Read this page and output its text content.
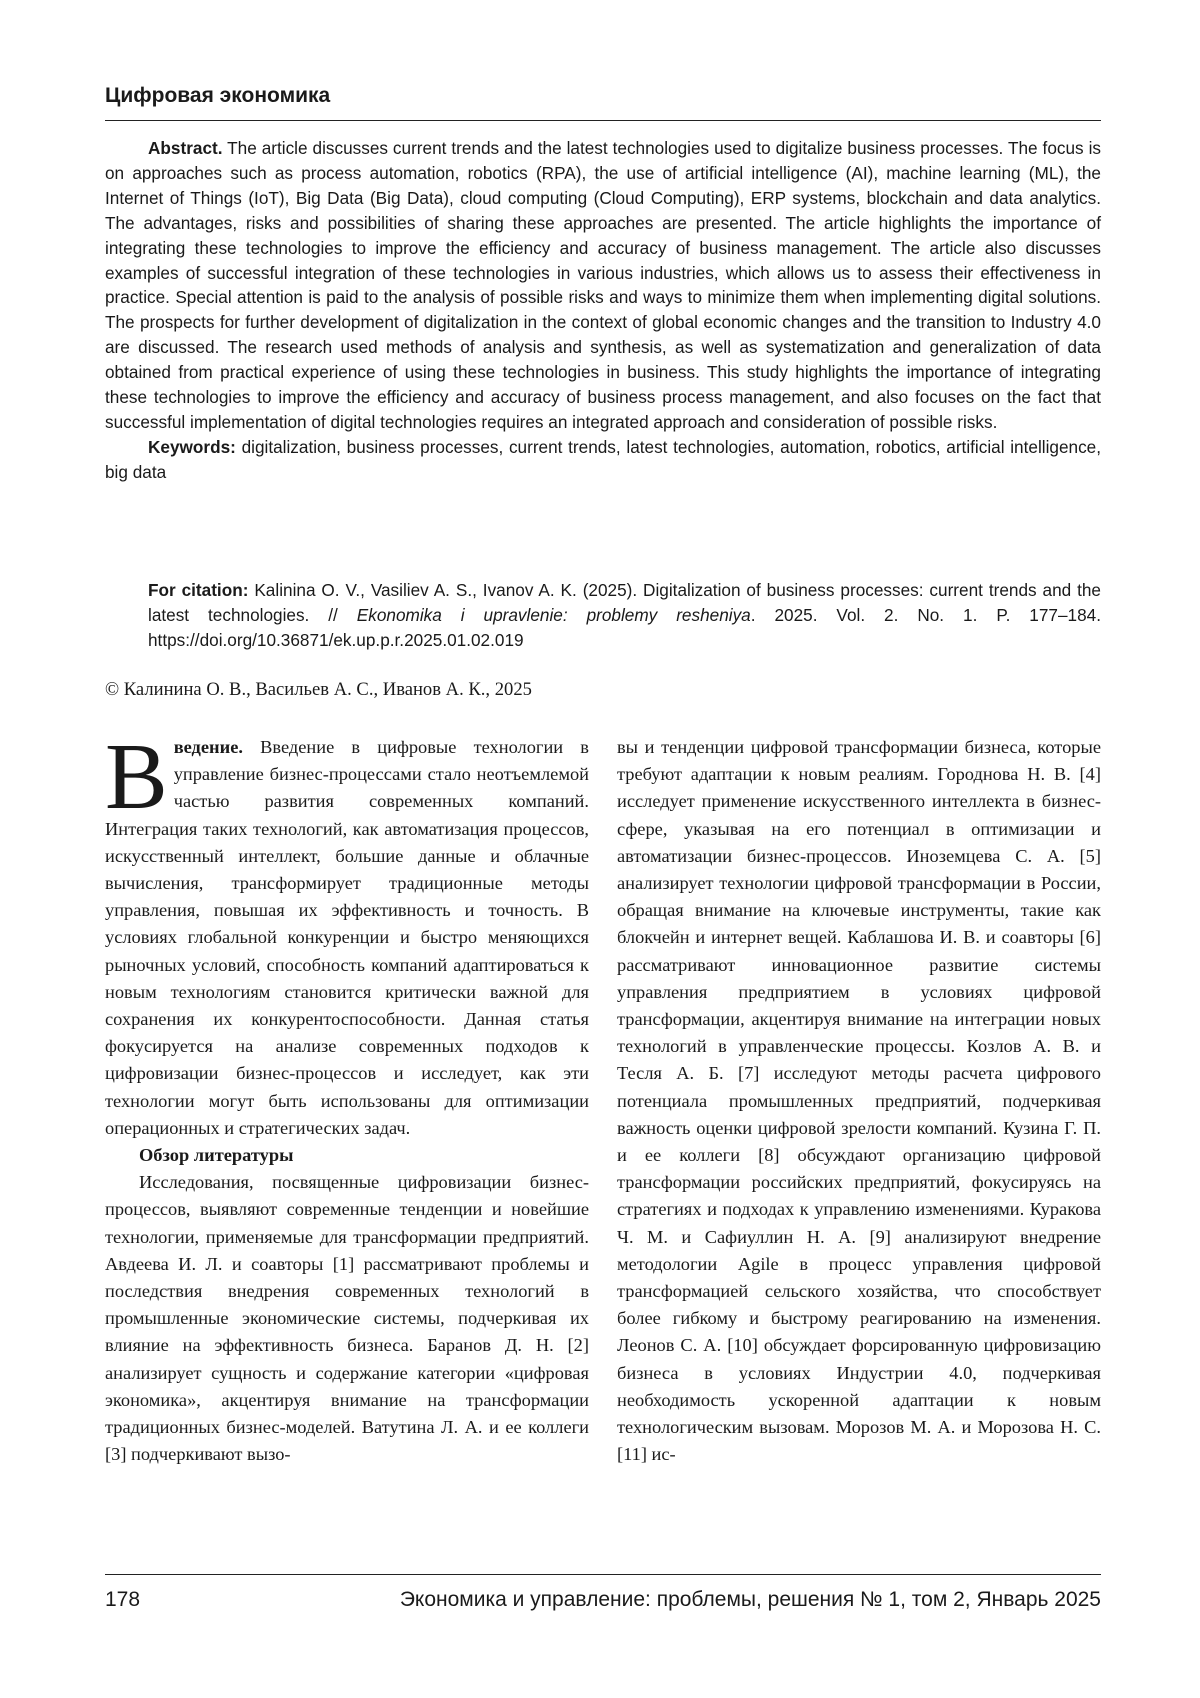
Цифровая экономика

Abstract. The article discusses current trends and the latest technologies used to digitalize business processes. The focus is on approaches such as process automation, robotics (RPA), the use of artificial intelligence (AI), machine learning (ML), the Internet of Things (IoT), Big Data (Big Data), cloud computing (Cloud Computing), ERP systems, blockchain and data analytics. The advantages, risks and possibilities of sharing these approaches are presented. The article highlights the importance of integrating these technologies to improve the efficiency and accuracy of business management. The article also discusses examples of successful integration of these technologies in various industries, which allows us to assess their effectiveness in practice. Special attention is paid to the analysis of possible risks and ways to minimize them when implementing digital solutions. The prospects for further development of digitalization in the context of global economic changes and the transition to Industry 4.0 are discussed. The research used methods of analysis and synthesis, as well as systematization and generalization of data obtained from practical experience of using these technologies in business. This study highlights the importance of integrating these technologies to improve the efficiency and accuracy of business process management, and also focuses on the fact that successful implementation of digital technologies requires an integrated approach and consideration of possible risks.

Keywords: digitalization, business processes, current trends, latest technologies, automation, robotics, artificial intelligence, big data

For citation: Kalinina O. V., Vasiliev A. S., Ivanov A. K. (2025). Digitalization of business processes: current trends and the latest technologies. // Ekonomika i upravlenie: problemy resheniya. 2025. Vol. 2. No. 1. P. 177–184. https://doi.org/10.36871/ek.up.p.r.2025.01.02.019

© Калинина О. В., Васильев А. С., Иванов А. К., 2025

Введение. Введение в цифровые технологии в управление бизнес-процессами стало неотъемлемой частью развития современных компаний. Интеграция таких технологий, как автоматизация процессов, искусственный интеллект, большие данные и облачные вычисления, трансформирует традиционные методы управления, повышая их эффективность и точность. В условиях глобальной конкуренции и быстро меняющихся рыночных условий, способность компаний адаптироваться к новым технологиям становится критически важной для сохранения их конкурентоспособности. Данная статья фокусируется на анализе современных подходов к цифровизации бизнес-процессов и исследует, как эти технологии могут быть использованы для оптимизации операционных и стратегических задач.

Обзор литературы

Исследования, посвященные цифровизации бизнес-процессов, выявляют современные тенденции и новейшие технологии, применяемые для трансформации предприятий. Авдеева И. Л. и соавторы [1] рассматривают проблемы и последствия внедрения современных технологий в промышленные экономические системы, подчеркивая их влияние на эффективность бизнеса. Баранов Д. Н. [2] анализирует сущность и содержание категории «цифровая экономика», акцентируя внимание на трансформации традиционных бизнес-моделей. Ватутина Л. А. и ее коллеги [3] подчеркивают вызо-

вы и тенденции цифровой трансформации бизнеса, которые требуют адаптации к новым реалиям. Городнова Н. В. [4] исследует применение искусственного интеллекта в бизнес-сфере, указывая на его потенциал в оптимизации и автоматизации бизнес-процессов. Иноземцева С. А. [5] анализирует технологии цифровой трансформации в России, обращая внимание на ключевые инструменты, такие как блокчейн и интернет вещей. Каблашова И. В. и соавторы [6] рассматривают инновационное развитие системы управления предприятием в условиях цифровой трансформации, акцентируя внимание на интеграции новых технологий в управленческие процессы. Козлов А. В. и Тесля А. Б. [7] исследуют методы расчета цифрового потенциала промышленных предприятий, подчеркивая важность оценки цифровой зрелости компаний. Кузина Г. П. и ее коллеги [8] обсуждают организацию цифровой трансформации российских предприятий, фокусируясь на стратегиях и подходах к управлению изменениями. Куракова Ч. М. и Сафиуллин Н. А. [9] анализируют внедрение методологии Agile в процесс управления цифровой трансформацией сельского хозяйства, что способствует более гибкому и быстрому реагированию на изменения. Леонов С. А. [10] обсуждает форсированную цифровизацию бизнеса в условиях Индустрии 4.0, подчеркивая необходимость ускоренной адаптации к новым технологическим вызовам. Морозов М. А. и Морозова Н. С. [11] ис-

178	Экономика и управление: проблемы, решения № 1, том 2, Январь 2025
